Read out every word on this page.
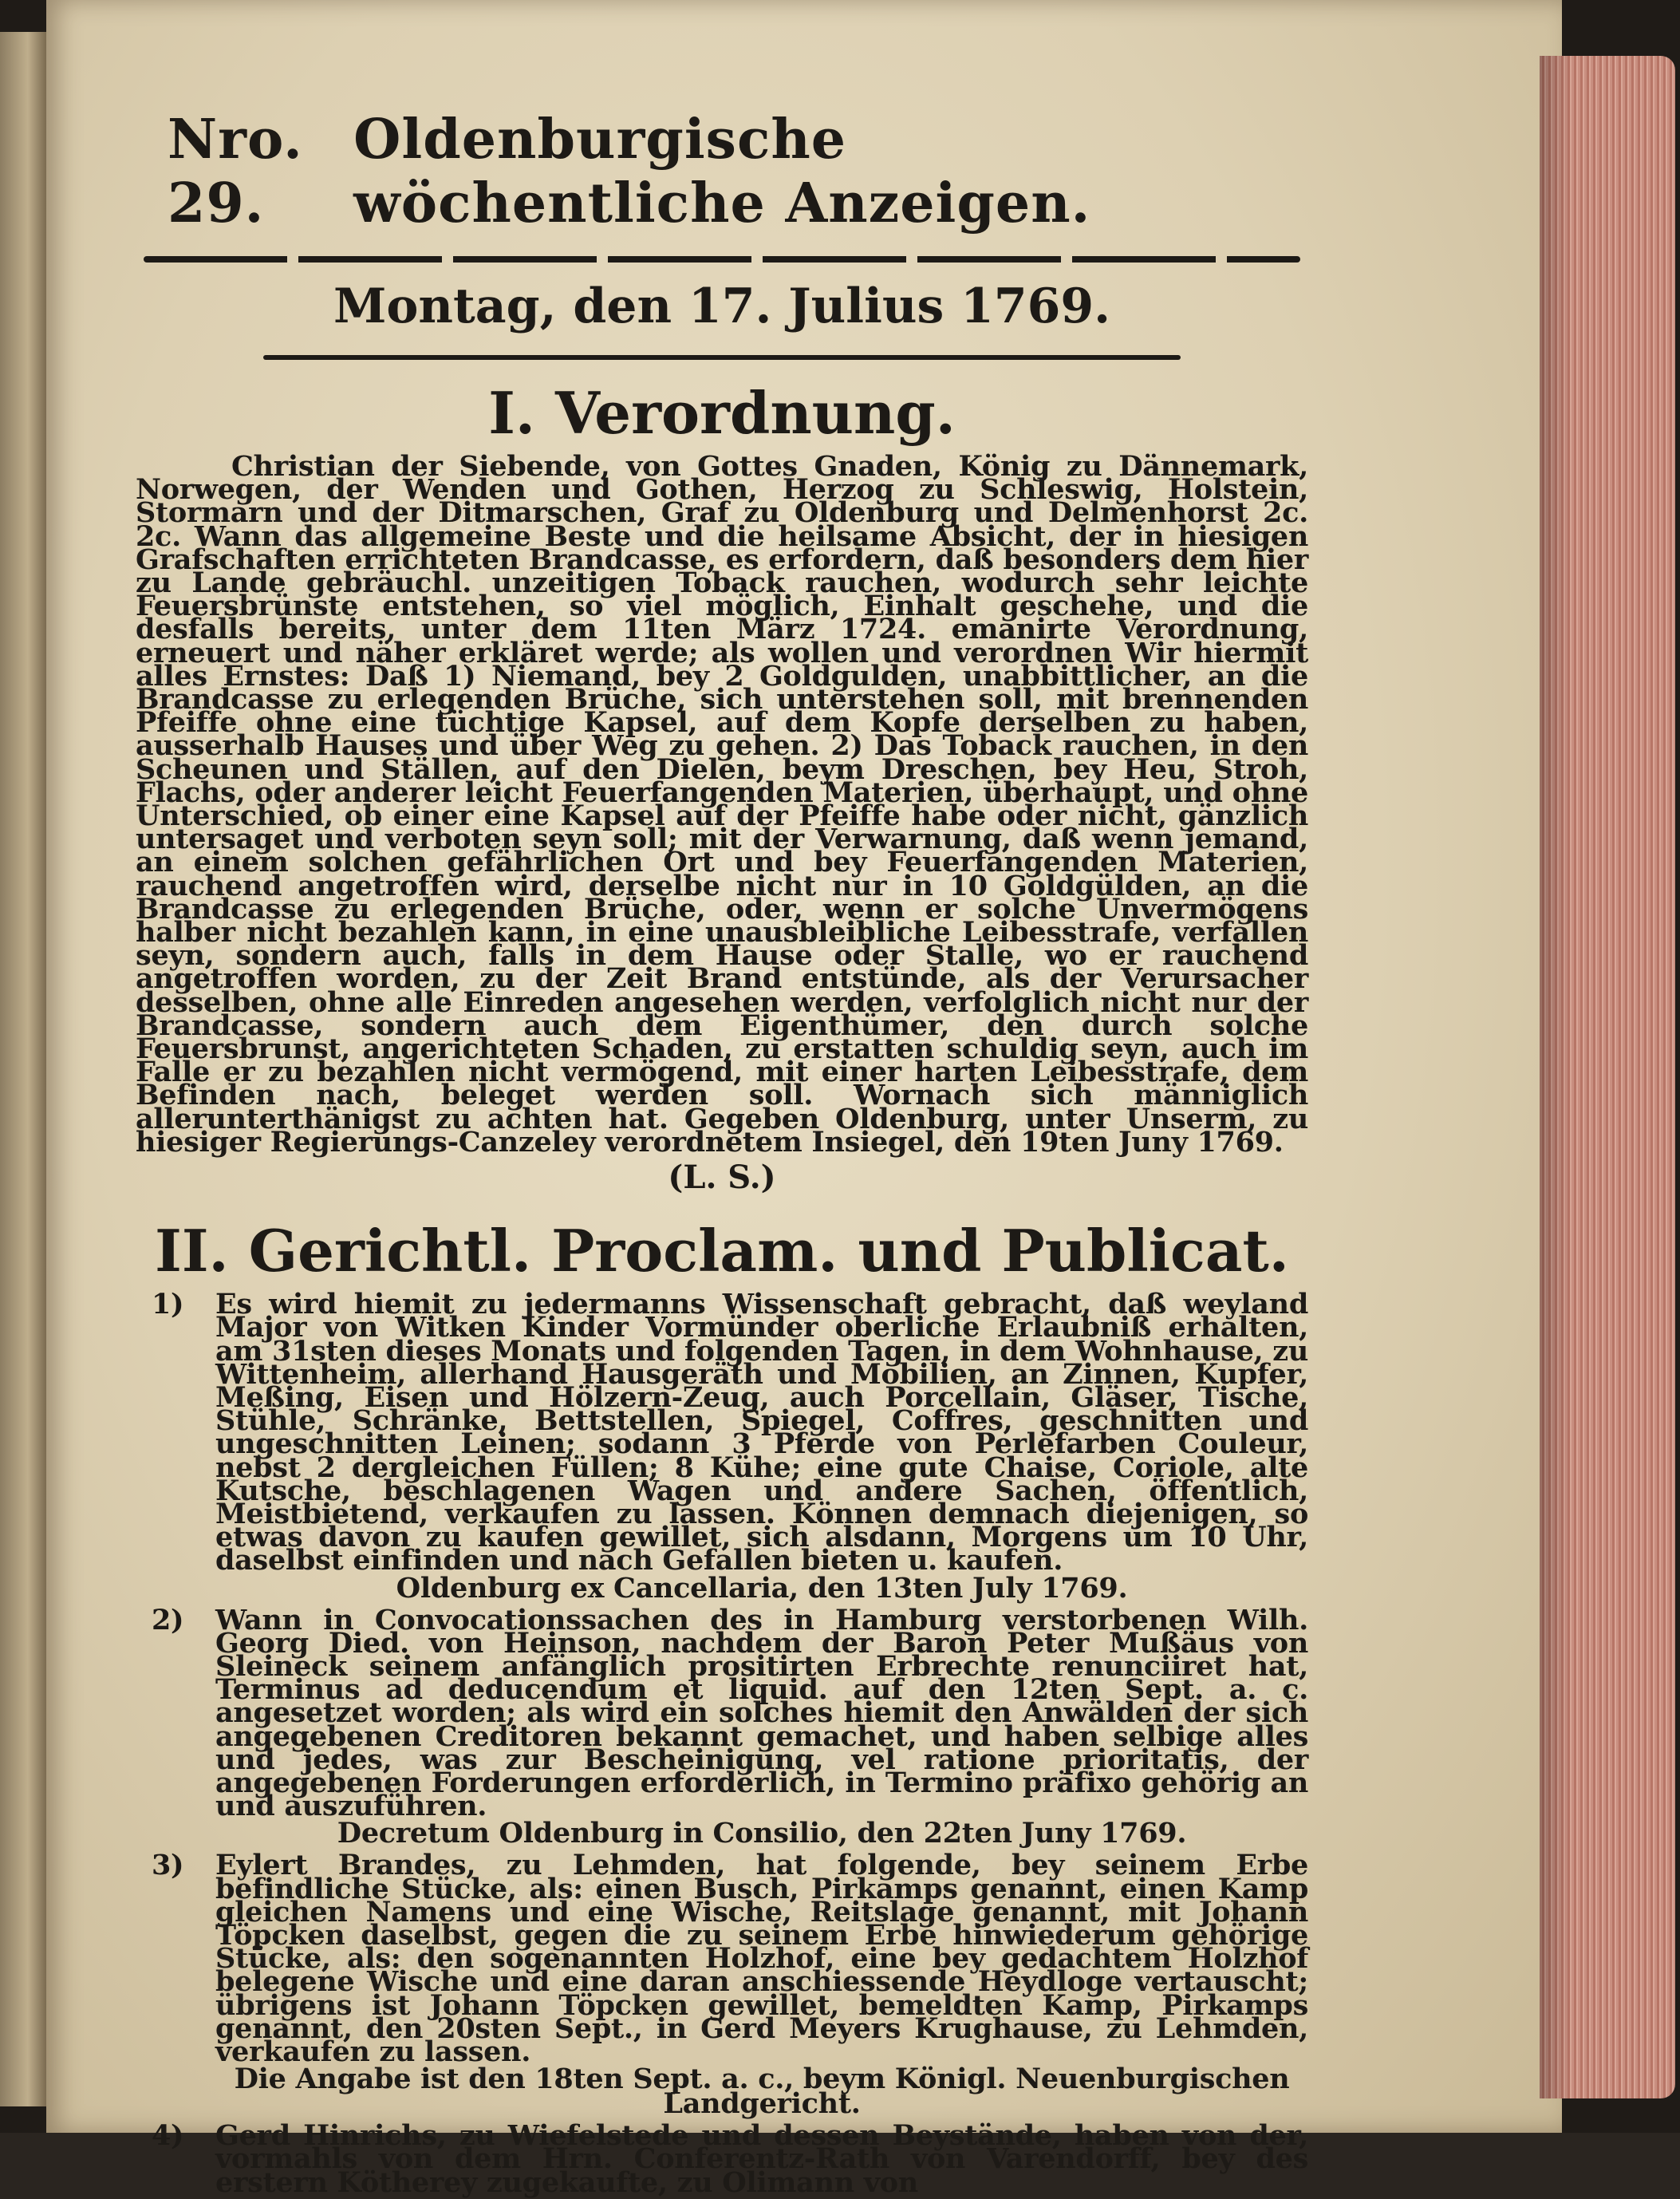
Nro. 29.
Oldenburgische wöchentliche Anzeigen.
Montag, den 17. Julius 1769.
I. Verordnung.

Christian der Siebende, von Gottes Gnaden, König zu Dännemark, Norwegen, der Wenden und Gothen, Herzog zu Schleswig, Holstein, Stormarn und der Ditmarschen, Graf zu Oldenburg und Delmenhorst 2c. 2c. Wann das allgemeine Beste und die heilsame Absicht, der in hiesigen Grafschaften errichteten Brandcasse, es erfordern, daß besonders dem hier zu Lande gebräuchl. unzeitigen Toback rauchen, wodurch sehr leichte Feuersbrünste entstehen, so viel möglich, Einhalt geschehe, und die desfalls bereits, unter dem 11ten März 1724. emanirte Verordnung, erneuert und näher erkläret werde; als wollen und verordnen Wir hiermit alles Ernstes: Daß 1) Niemand, bey 2 Goldgulden, unabbittlicher, an die Brandcasse zu erlegenden Brüche, sich unterstehen soll, mit brennenden Pfeiffe ohne eine tüchtige Kapsel, auf dem Kopfe derselben zu haben, ausserhalb Hauses und über Weg zu gehen. 2) Das Toback rauchen, in den Scheunen und Ställen, auf den Dielen, beym Dreschen, bey Heu, Stroh, Flachs, oder anderer leicht Feuerfangenden Materien, überhaupt, und ohne Unterschied, ob einer eine Kapsel auf der Pfeiffe habe oder nicht, gänzlich untersaget und verboten seyn soll; mit der Verwarnung, daß wenn jemand, an einem solchen gefährlichen Ort und bey Feuerfangenden Materien, rauchend angetroffen wird, derselbe nicht nur in 10 Goldgülden, an die Brandcasse zu erlegenden Brüche, oder, wenn er solche Unvermögens halber nicht bezahlen kann, in eine unausbleibliche Leibesstrafe, verfallen seyn, sondern auch, falls in dem Hause oder Stalle, wo er rauchend angetroffen worden, zu der Zeit Brand entstünde, als der Verursacher desselben, ohne alle Einreden angesehen werden, verfolglich nicht nur der Brandcasse, sondern auch dem Eigenthümer, den durch solche Feuersbrunst, angerichteten Schaden, zu erstatten schuldig seyn, auch im Falle er zu bezahlen nicht vermögend, mit einer harten Leibesstrafe, dem Befinden nach, beleget werden soll. Wornach sich männiglich allerunterthänigst zu achten hat. Gegeben Oldenburg, unter Unserm, zu hiesiger Regierungs-Canzeley verordnetem Insiegel, den 19ten Juny 1769.

(L. S.)
II. Gerichtl. Proclam. und Publicat.
1)	Es wird hiemit zu jedermanns Wissenschaft gebracht, daß weyland Major von Witken Kinder Vormünder oberliche Erlaubniß erhalten, am 31sten dieses Monats und folgenden Tagen, in dem Wohnhause, zu Wittenheim, allerhand Hausgeräth und Mobilien, an Zinnen, Kupfer, Meßing, Eisen und Hölzern-Zeug, auch Porcellain, Gläser, Tische, Stühle, Schränke, Bettstellen, Spiegel, Coffres, geschnitten und ungeschnitten Leinen; sodann 3 Pferde von Perlefarben Couleur, nebst 2 dergleichen Füllen; 8 Kühe; eine gute Chaise, Coriole, alte Kutsche, beschlagenen Wagen und andere Sachen, öffentlich, Meistbietend, verkaufen zu lassen. Können demnach diejenigen, so etwas davon zu kaufen gewillet, sich alsdann, Morgens um 10 Uhr, daselbst einfinden und nach Gefallen bieten u. kaufen.

Oldenburg ex Cancellaria, den 13ten July 1769.
2)	Wann in Convocationssachen des in Hamburg verstorbenen Wilh. Georg Died. von Heinson, nachdem der Baron Peter Mußäus von Sleineck seinem anfänglich prositirten Erbrechte renunciiret hat, Terminus ad deducendum et liquid. auf den 12ten Sept. a. c. angesetzet worden; als wird ein solches hiemit den Anwälden der sich angegebenen Creditoren bekannt gemachet, und haben selbige alles und jedes, was zur Bescheinigung, vel ratione prioritatis, der angegebenen Forderungen erforderlich, in Termino präfixo gehörig an und auszuführen.

Decretum Oldenburg in Consilio, den 22ten Juny 1769.
3)	Eylert Brandes, zu Lehmden, hat folgende, bey seinem Erbe befindliche Stücke, als: einen Busch, Pirkamps genannt, einen Kamp gleichen Namens und eine Wische, Reitslage genannt, mit Johann Töpcken daselbst, gegen die zu seinem Erbe hinwiederum gehörige Stücke, als: den sogenannten Holzhof, eine bey gedachtem Holzhof belegene Wische und eine daran anschiessende Heydloge vertauscht; übrigens ist Johann Töpcken gewillet, bemeldten Kamp, Pirkamps genannt, den 20sten Sept., in Gerd Meyers Krughause, zu Lehmden, verkaufen zu lassen.

Die Angabe ist den 18ten Sept. a. c., beym Königl. Neuenburgischen Landgericht.
4)	Gerd Hinrichs, zu Wiefelstede und dessen Beystände, haben von der, vormahls von dem Hrn. Conferentz-Rath von Varendorff, bey des erstern Kötherey zugekaufte, zu Olimann von
